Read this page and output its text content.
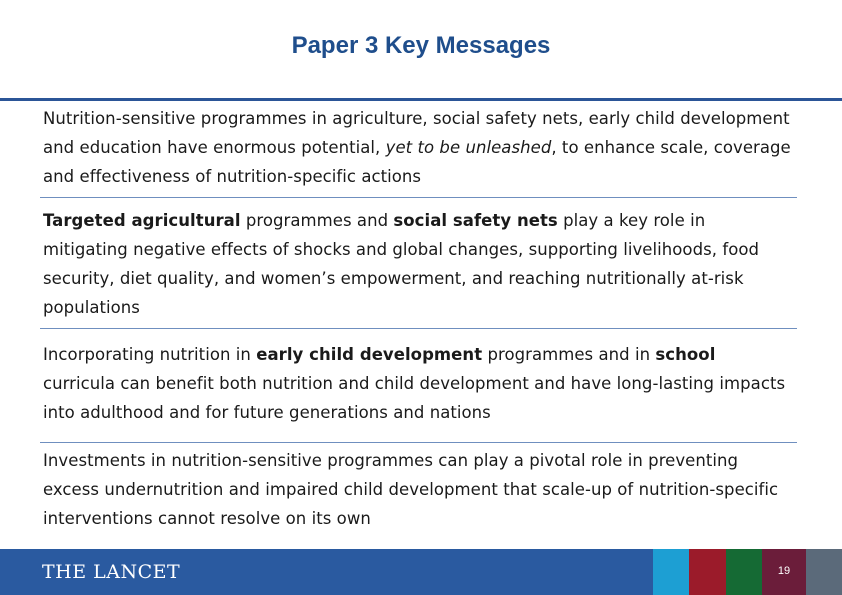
Paper 3 Key Messages
Nutrition-sensitive programmes in agriculture, social safety nets, early child development and education have enormous potential, yet to be unleashed, to enhance scale, coverage and effectiveness of nutrition-specific actions
Targeted agricultural programmes and social safety nets play a key role in mitigating negative effects of shocks and global changes, supporting livelihoods, food security, diet quality, and women’s empowerment, and reaching nutritionally at-risk populations
Incorporating nutrition in early child development programmes and in school curricula can benefit both nutrition and child development and have long-lasting impacts into adulthood and for future generations and nations
Investments in nutrition-sensitive programmes can play a pivotal role in preventing excess undernutrition and impaired child development that scale-up of nutrition-specific interventions cannot resolve on its own
THE LANCET	19
